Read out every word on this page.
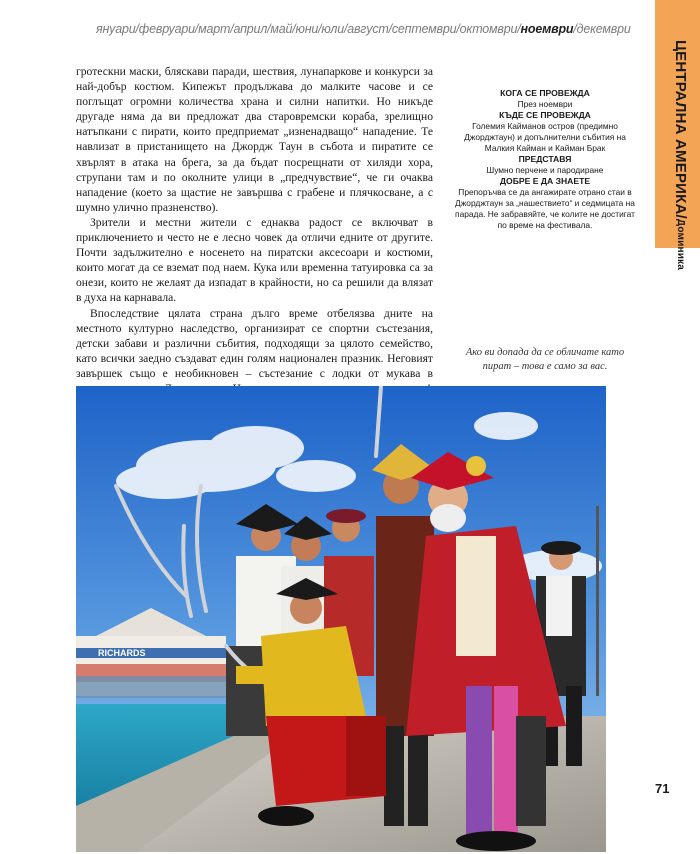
януари/февруари/март/април/май/юни/юли/август/септември/октомври/ноември/декември
ЦЕНТРАЛНА АМЕРИКА/Доминика

гротескни маски, бляскави паради, шествия, лунапаркове и конкурси за най-добър костюм. Кипежът продължава до малките часове и се поглъщат огромни количества храна и силни напитки. Но никъде другаде няма да ви предложат два старовремски кораба, зрелищно натъпкани с пирати, които предприемат „изненадващо“ нападение. Те навлизат в пристанището на Джордж Таун в събота и пиратите се хвърлят в атака на брега, за да бъдат посрещнати от хиляди хора, струпани там и по околните улици в „предчувствие“, че ги очаква нападение (което за щастие не завършва с грабене и плячкосване, а с шумно улично празненство).

Зрители и местни жители с еднаква радост се включват в приключението и често не е лесно човек да отличи едните от другите. Почти задължително е носенето на пиратски аксесоари и костюми, които могат да се вземат под наем. Кука или временна татуировка са за онези, които не желаят да изпадат в крайности, но са решили да влязат в духа на карнавала.

Впоследствие цялата страна дълго време отбелязва дните на местното културно наследство, организират се спортни състезания, детски забави и различни събития, подходящи за цялото семейство, като всички заедно създават един голям национален празник. Неговият завършек също е необикновен – състезание с лодки от мукава в

КОГА СЕ ПРОВЕЖДА
През ноември
КЪДЕ СЕ ПРОВЕЖДА
Големия Кайманов остров (предимно Джорджтаун) и допълнителни събития на Малкия Кайман и Кайман Брак
ПРЕДСТАВЯ
Шумно перчене и пародиране
ДОБРЕ Е ДА ЗНАЕТЕ
Препоръчва се да ангажирате отрано стаи в Джорджтаун за „нашествието“ и седмицата на парада. Не забравяйте, че колите не достигат по време на фестивала.
Ако ви допада да се обличате като пират – това е само за вас.
RICHARDS
71
